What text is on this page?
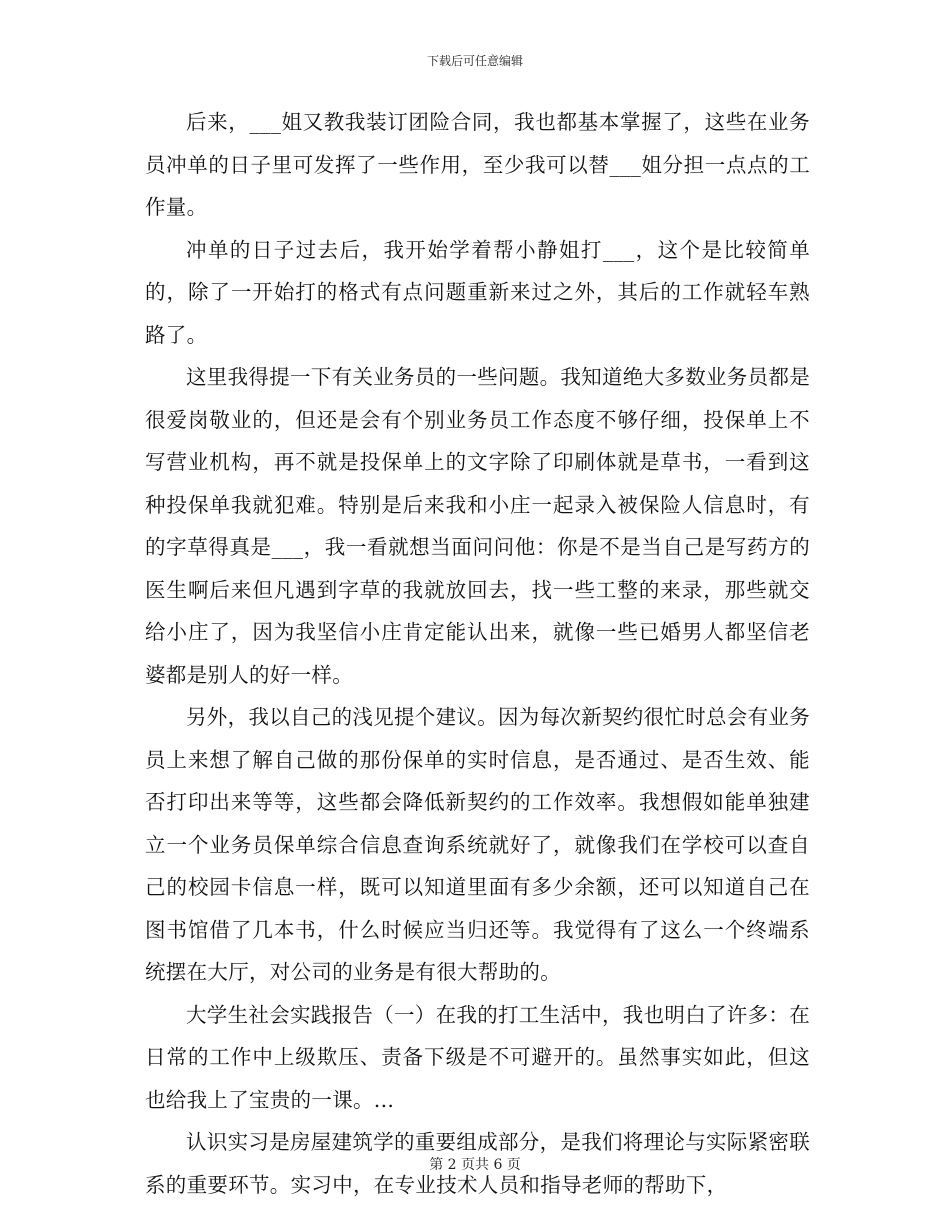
下载后可任意编辑

后来，___姐又教我装订团险合同，我也都基本掌握了，这些在业务员冲单的日子里可发挥了一些作用，至少我可以替___姐分担一点点的工作量。

冲单的日子过去后，我开始学着帮小静姐打___，这个是比较简单的，除了一开始打的格式有点问题重新来过之外，其后的工作就轻车熟路了。

这里我得提一下有关业务员的一些问题。我知道绝大多数业务员都是很爱岗敬业的，但还是会有个别业务员工作态度不够仔细，投保单上不写营业机构，再不就是投保单上的文字除了印刷体就是草书，一看到这种投保单我就犯难。特别是后来我和小庄一起录入被保险人信息时，有的字草得真是___，我一看就想当面问问他：你是不是当自己是写药方的医生啊后来但凡遇到字草的我就放回去，找一些工整的来录，那些就交给小庄了，因为我坚信小庄肯定能认出来，就像一些已婚男人都坚信老婆都是别人的好一样。

另外，我以自己的浅见提个建议。因为每次新契约很忙时总会有业务员上来想了解自己做的那份保单的实时信息，是否通过、是否生效、能否打印出来等等，这些都会降低新契约的工作效率。我想假如能单独建立一个业务员保单综合信息查询系统就好了，就像我们在学校可以查自己的校园卡信息一样，既可以知道里面有多少余额，还可以知道自己在图书馆借了几本书，什么时候应当归还等。我觉得有了这么一个终端系统摆在大厅，对公司的业务是有很大帮助的。

大学生社会实践报告（一）在我的打工生活中，我也明白了许多：在日常的工作中上级欺压、责备下级是不可避开的。虽然事实如此，但这也给我上了宝贵的一课。...

认识实习是房屋建筑学的重要组成部分，是我们将理论与实际紧密联系的重要环节。实习中，在专业技术人员和指导老师的帮助下，

第 2 页共 6 页
